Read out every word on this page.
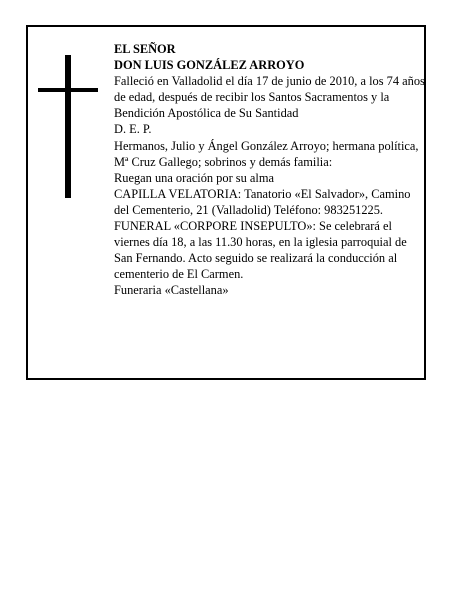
EL SEÑOR

DON LUIS GONZÁLEZ ARROYO

Falleció en Valladolid el día 17 de junio de 2010, a los 74 años de edad, después de recibir los Santos Sacramentos y la Bendición Apostólica de Su Santidad

D. E. P.

Hermanos, Julio y Ángel González Arroyo; hermana política, Mª Cruz Gallego; sobrinos y demás familia:

Ruegan una oración por su alma

CAPILLA VELATORIA: Tanatorio «El Salvador», Camino del Cementerio, 21 (Valladolid) Teléfono: 983251225.

FUNERAL «CORPORE INSEPULTO»: Se celebrará el viernes día 18, a las 11.30 horas, en la iglesia parroquial de San Fernando. Acto seguido se realizará la conducción al cementerio de El Carmen.

Funeraria «Castellana»
